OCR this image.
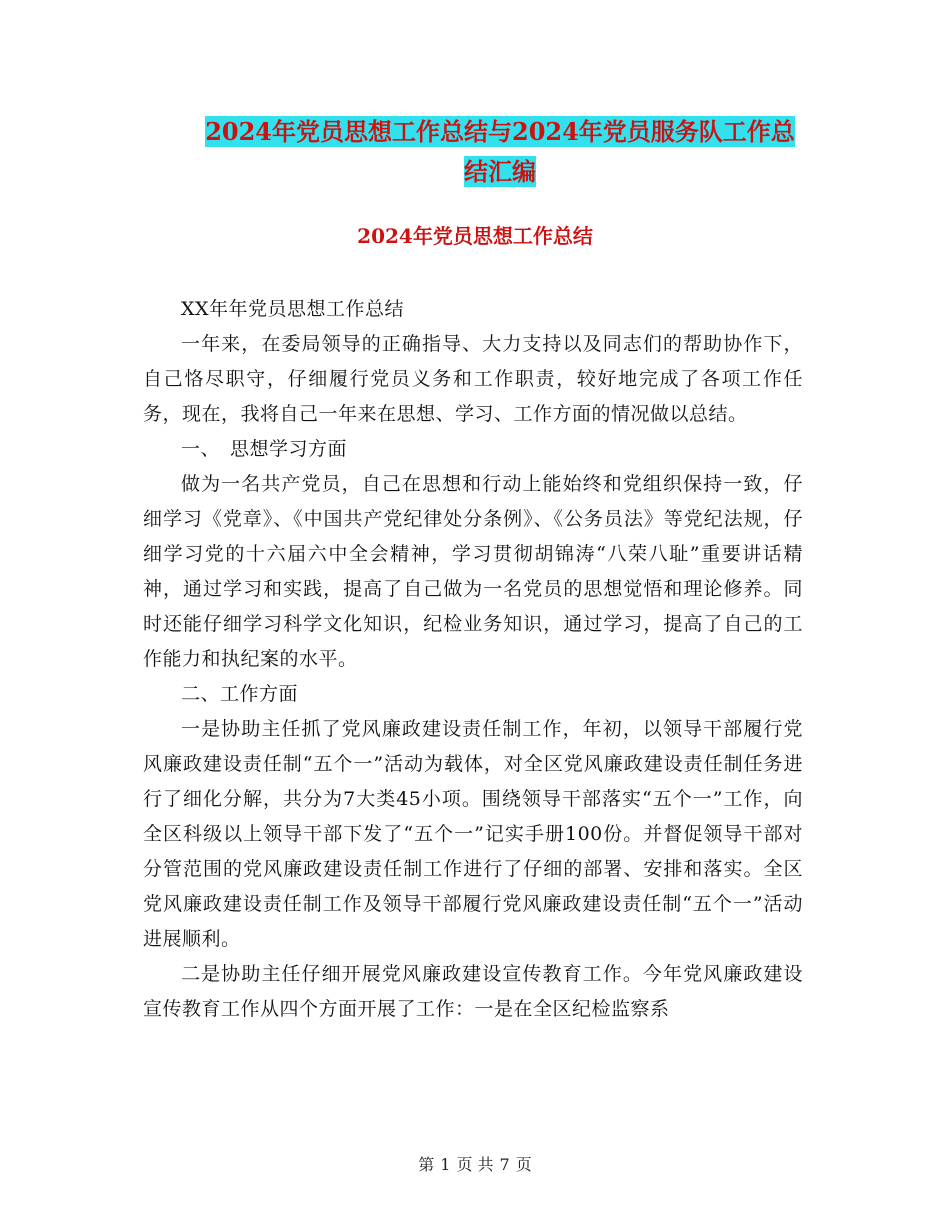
2024年党员思想工作总结与2024年党员服务队工作总
结汇编
2024年党员思想工作总结

XX年年党员思想工作总结

一年来，在委局领导的正确指导、大力支持以及同志们的帮助协作下，自己恪尽职守，仔细履行党员义务和工作职责，较好地完成了各项工作任务，现在，我将自己一年来在思想、学习、工作方面的情况做以总结。

一、　思想学习方面

做为一名共产党员，自己在思想和行动上能始终和党组织保持一致，仔细学习《党章》、《中国共产党纪律处分条例》、《公务员法》等党纪法规，仔细学习党的十六届六中全会精神，学习贯彻胡锦涛“八荣八耻”重要讲话精神，通过学习和实践，提高了自己做为一名党员的思想觉悟和理论修养。同时还能仔细学习科学文化知识，纪检业务知识，通过学习，提高了自己的工作能力和执纪案的水平。

二、工作方面

一是协助主任抓了党风廉政建设责任制工作，年初，以领导干部履行党风廉政建设责任制“五个一”活动为载体，对全区党风廉政建设责任制任务进行了细化分解，共分为7大类45小项。围绕领导干部落实“五个一”工作，向全区科级以上领导干部下发了“五个一”记实手册100份。并督促领导干部对分管范围的党风廉政建设责任制工作进行了仔细的部署、安排和落实。全区党风廉政建设责任制工作及领导干部履行党风廉政建设责任制“五个一”活动进展顺利。

二是协助主任仔细开展党风廉政建设宣传教育工作。今年党风廉政建设宣传教育工作从四个方面开展了工作：一是在全区纪检监察系

第 1 页 共 7 页
